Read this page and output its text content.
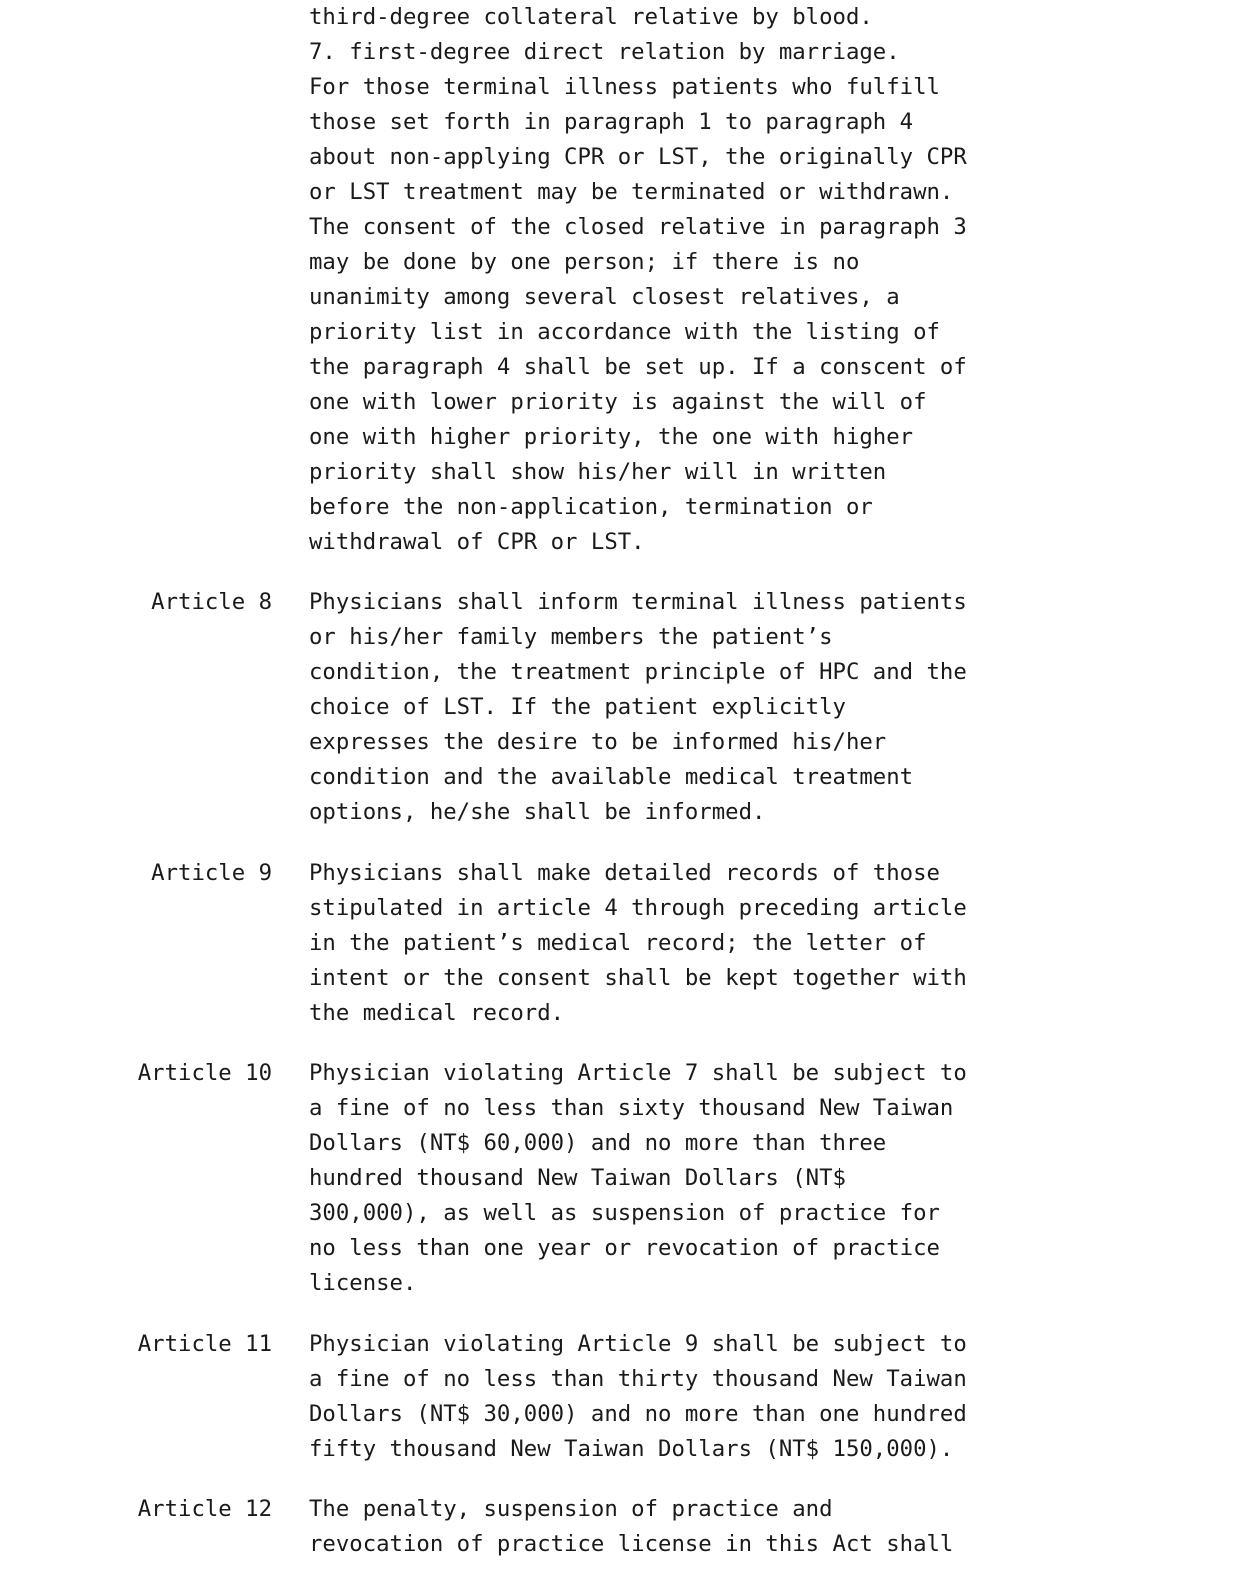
third-degree collateral relative by blood.
7. first-degree direct relation by marriage.
For those terminal illness patients who fulfill
those set forth in paragraph 1 to paragraph 4
about non-applying CPR or LST, the originally CPR
or LST treatment may be terminated or withdrawn.
The consent of the closed relative in paragraph 3
may be done by one person; if there is no
unanimity among several closest relatives, a
priority list in accordance with the listing of
the paragraph 4 shall be set up. If a conscent of
one with lower priority is against the will of
one with higher priority, the one with higher
priority shall show his/her will in written
before the non-application, termination or
withdrawal of CPR or LST.
Article 8 Physicians shall inform terminal illness patients
or his/her family members the patient’s
condition, the treatment principle of HPC and the
choice of LST. If the patient explicitly
expresses the desire to be informed his/her
condition and the available medical treatment
options, he/she shall be informed.
Article 9 Physicians shall make detailed records of those
stipulated in article 4 through preceding article
in the patient’s medical record; the letter of
intent or the consent shall be kept together with
the medical record.
Article 10 Physician violating Article 7 shall be subject to
a fine of no less than sixty thousand New Taiwan
Dollars (NT$ 60,000) and no more than three
hundred thousand New Taiwan Dollars (NT$
300,000), as well as suspension of practice for
no less than one year or revocation of practice
license.
Article 11 Physician violating Article 9 shall be subject to
a fine of no less than thirty thousand New Taiwan
Dollars (NT$ 30,000) and no more than one hundred
fifty thousand New Taiwan Dollars (NT$ 150,000).
Article 12 The penalty, suspension of practice and
revocation of practice license in this Act shall
